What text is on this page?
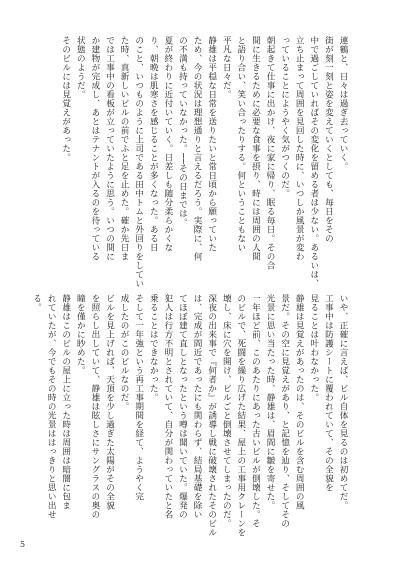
連鶴と、日々は過ぎ去っていく。
街が刻一刻と姿を変えていくとしても、毎日をその
中で過ごしていればその変化を留める者は少ない。あるいは、
立ち止まって周囲を見回した時に、いつしか風景が変わ
っていることにようやく気がつくのだ。
朝起きて仕事に出かけ、夜に家に帰り、眠る毎日。その合
間に生きるために必要な食事を摂り、時には周囲の人間
と語り合い、笑い合ったりする。何ということもない
平凡な日々だ。
静雄は平穏な日常を送りたいと常日頃から願っていた
ため、今の状況は理想通りと言えるだろう。実際に、何
の不満も持っていなかった。──その日までは。
夏が終わりに近付いていく。日差しも随分柔らかくな
り、朝晩は肌寒さを感じることが多くなった。ある日
のこと、いつものように上司である田中トムと外回りをしてい
た時、真新しいビルの前でふと足を止めた。確か先日ま
では工事中の看板が立っていたように思う。いつの間に
か建物が完成し、あとはテナントが入るのを待っている
状態のようだ。
そのビルには見覚えがあった。
いや、正確に言えば、ビル自体を見るのは初めてだ。
工事中は防護シートに覆われていて、その全貌を
見ることは叶わなかった。
静雄は見覚えがあったのは、そのビルを含む周囲の風
景だ。その空に見覚えがあり、と記憶を辿り、そしてその
光景に思い当たった時、静雄は、眉間に皺を寄せた。
一年ほど前、このあたりにあった古いビルが倒壊した。そ
のビルで、死闘を繰り広げた結果、屋上の工事用クレーンを
壊し、床に穴を開け、ビルごと倒壊させてしまったのだ。
深夜の出来事で『何者か』が誘導し戦に破壊されたそのビル
は、完成が間近であったにも関わらず、結局基礎を除い
てほぼ建て直しとなったという噂は聞いていた。爆発の
犯人は行方不明とされていて、自分が関わっていたと名
乗ることはできなかった。
そして一年強という再工事期間を経て、ようやく完
成したのがこのビルなのだ。
ビルを見上げれば、天頂を少し過ぎた太陽がその全貌
を照らし出していて、静雄は眩しさにサングラスの奥の
瞳を僅かに眇めた。
静雄はこのビルの屋上に立った時は周囲は暗闇に包ま
れていたが、今でもその時の光景ははっきりと思い出せ
る。
5
